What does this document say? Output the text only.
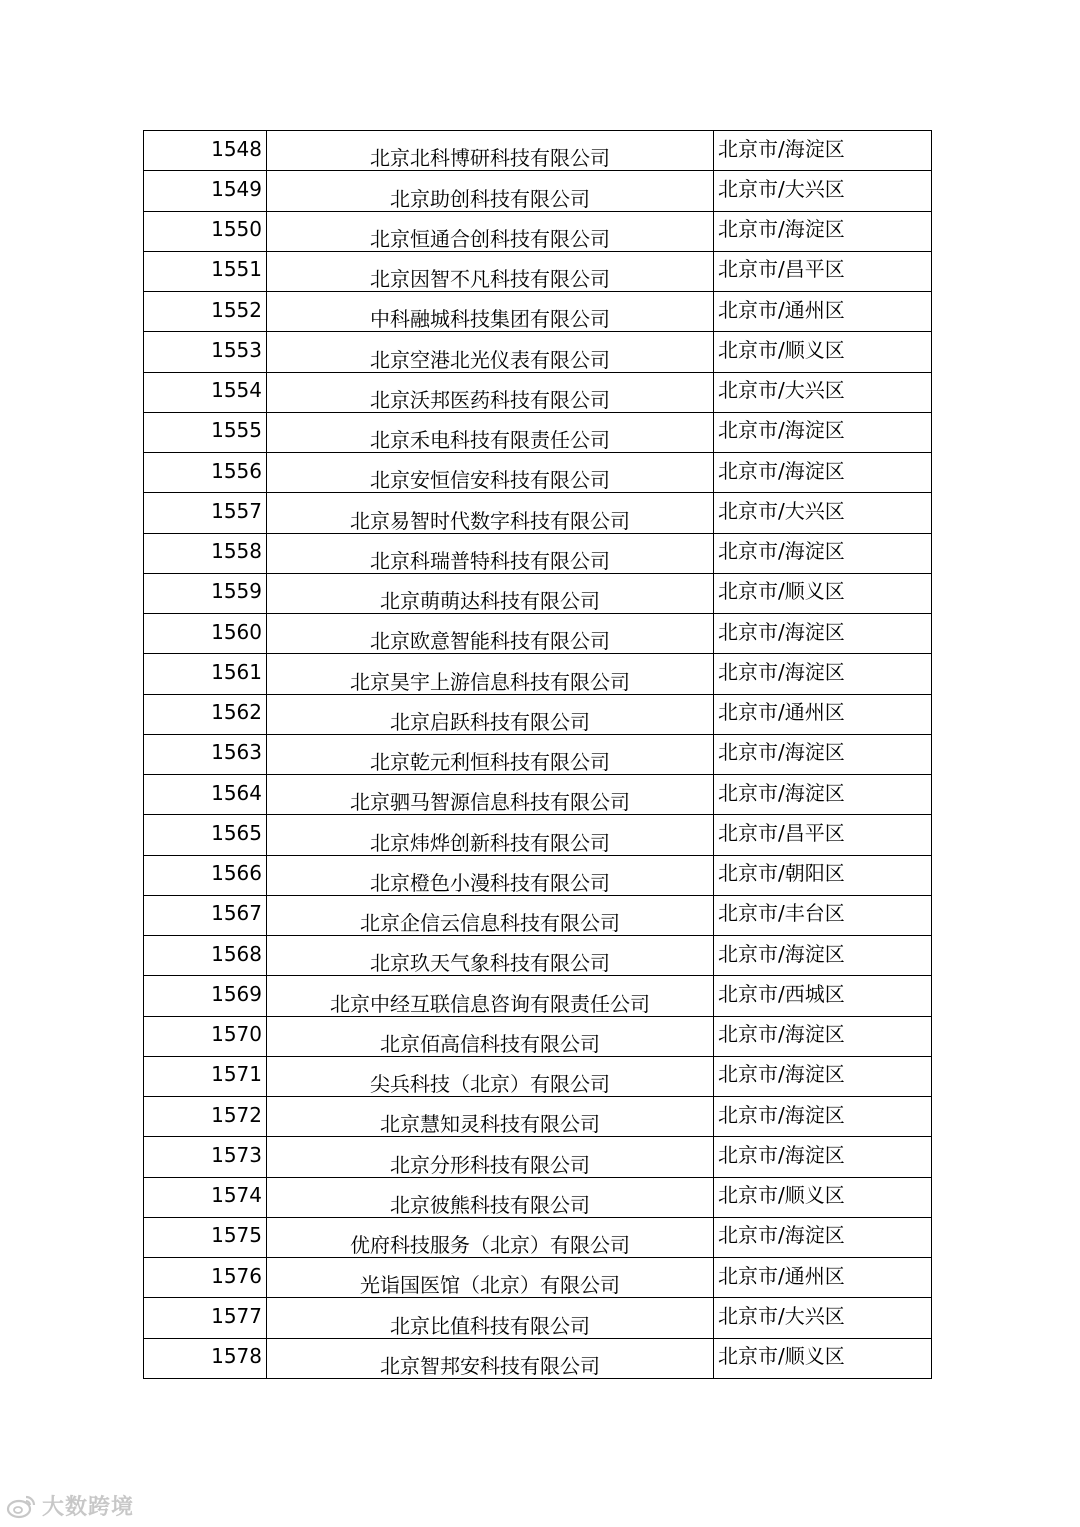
1548	北京北科博研科技有限公司	北京市/海淀区
1549	北京助创科技有限公司	北京市/大兴区
1550	北京恒通合创科技有限公司	北京市/海淀区
1551	北京因智不凡科技有限公司	北京市/昌平区
1552	中科融城科技集团有限公司	北京市/通州区
1553	北京空港北光仪表有限公司	北京市/顺义区
1554	北京沃邦医药科技有限公司	北京市/大兴区
1555	北京禾电科技有限责任公司	北京市/海淀区
1556	北京安恒信安科技有限公司	北京市/海淀区
1557	北京易智时代数字科技有限公司	北京市/大兴区
1558	北京科瑞普特科技有限公司	北京市/海淀区
1559	北京萌萌达科技有限公司	北京市/顺义区
1560	北京欧意智能科技有限公司	北京市/海淀区
1561	北京昊宇上游信息科技有限公司	北京市/海淀区
1562	北京启跃科技有限公司	北京市/通州区
1563	北京乾元利恒科技有限公司	北京市/海淀区
1564	北京驷马智源信息科技有限公司	北京市/海淀区
1565	北京炜烨创新科技有限公司	北京市/昌平区
1566	北京橙色小漫科技有限公司	北京市/朝阳区
1567	北京企信云信息科技有限公司	北京市/丰台区
1568	北京玖天气象科技有限公司	北京市/海淀区
1569	北京中经互联信息咨询有限责任公司	北京市/西城区
1570	北京佰高信科技有限公司	北京市/海淀区
1571	尖兵科技（北京）有限公司	北京市/海淀区
1572	北京慧知灵科技有限公司	北京市/海淀区
1573	北京分形科技有限公司	北京市/海淀区
1574	北京彼熊科技有限公司	北京市/顺义区
1575	优府科技服务（北京）有限公司	北京市/海淀区
1576	光诣国医馆（北京）有限公司	北京市/通州区
1577	北京比值科技有限公司	北京市/大兴区
1578	北京智邦安科技有限公司	北京市/顺义区
大数跨境
